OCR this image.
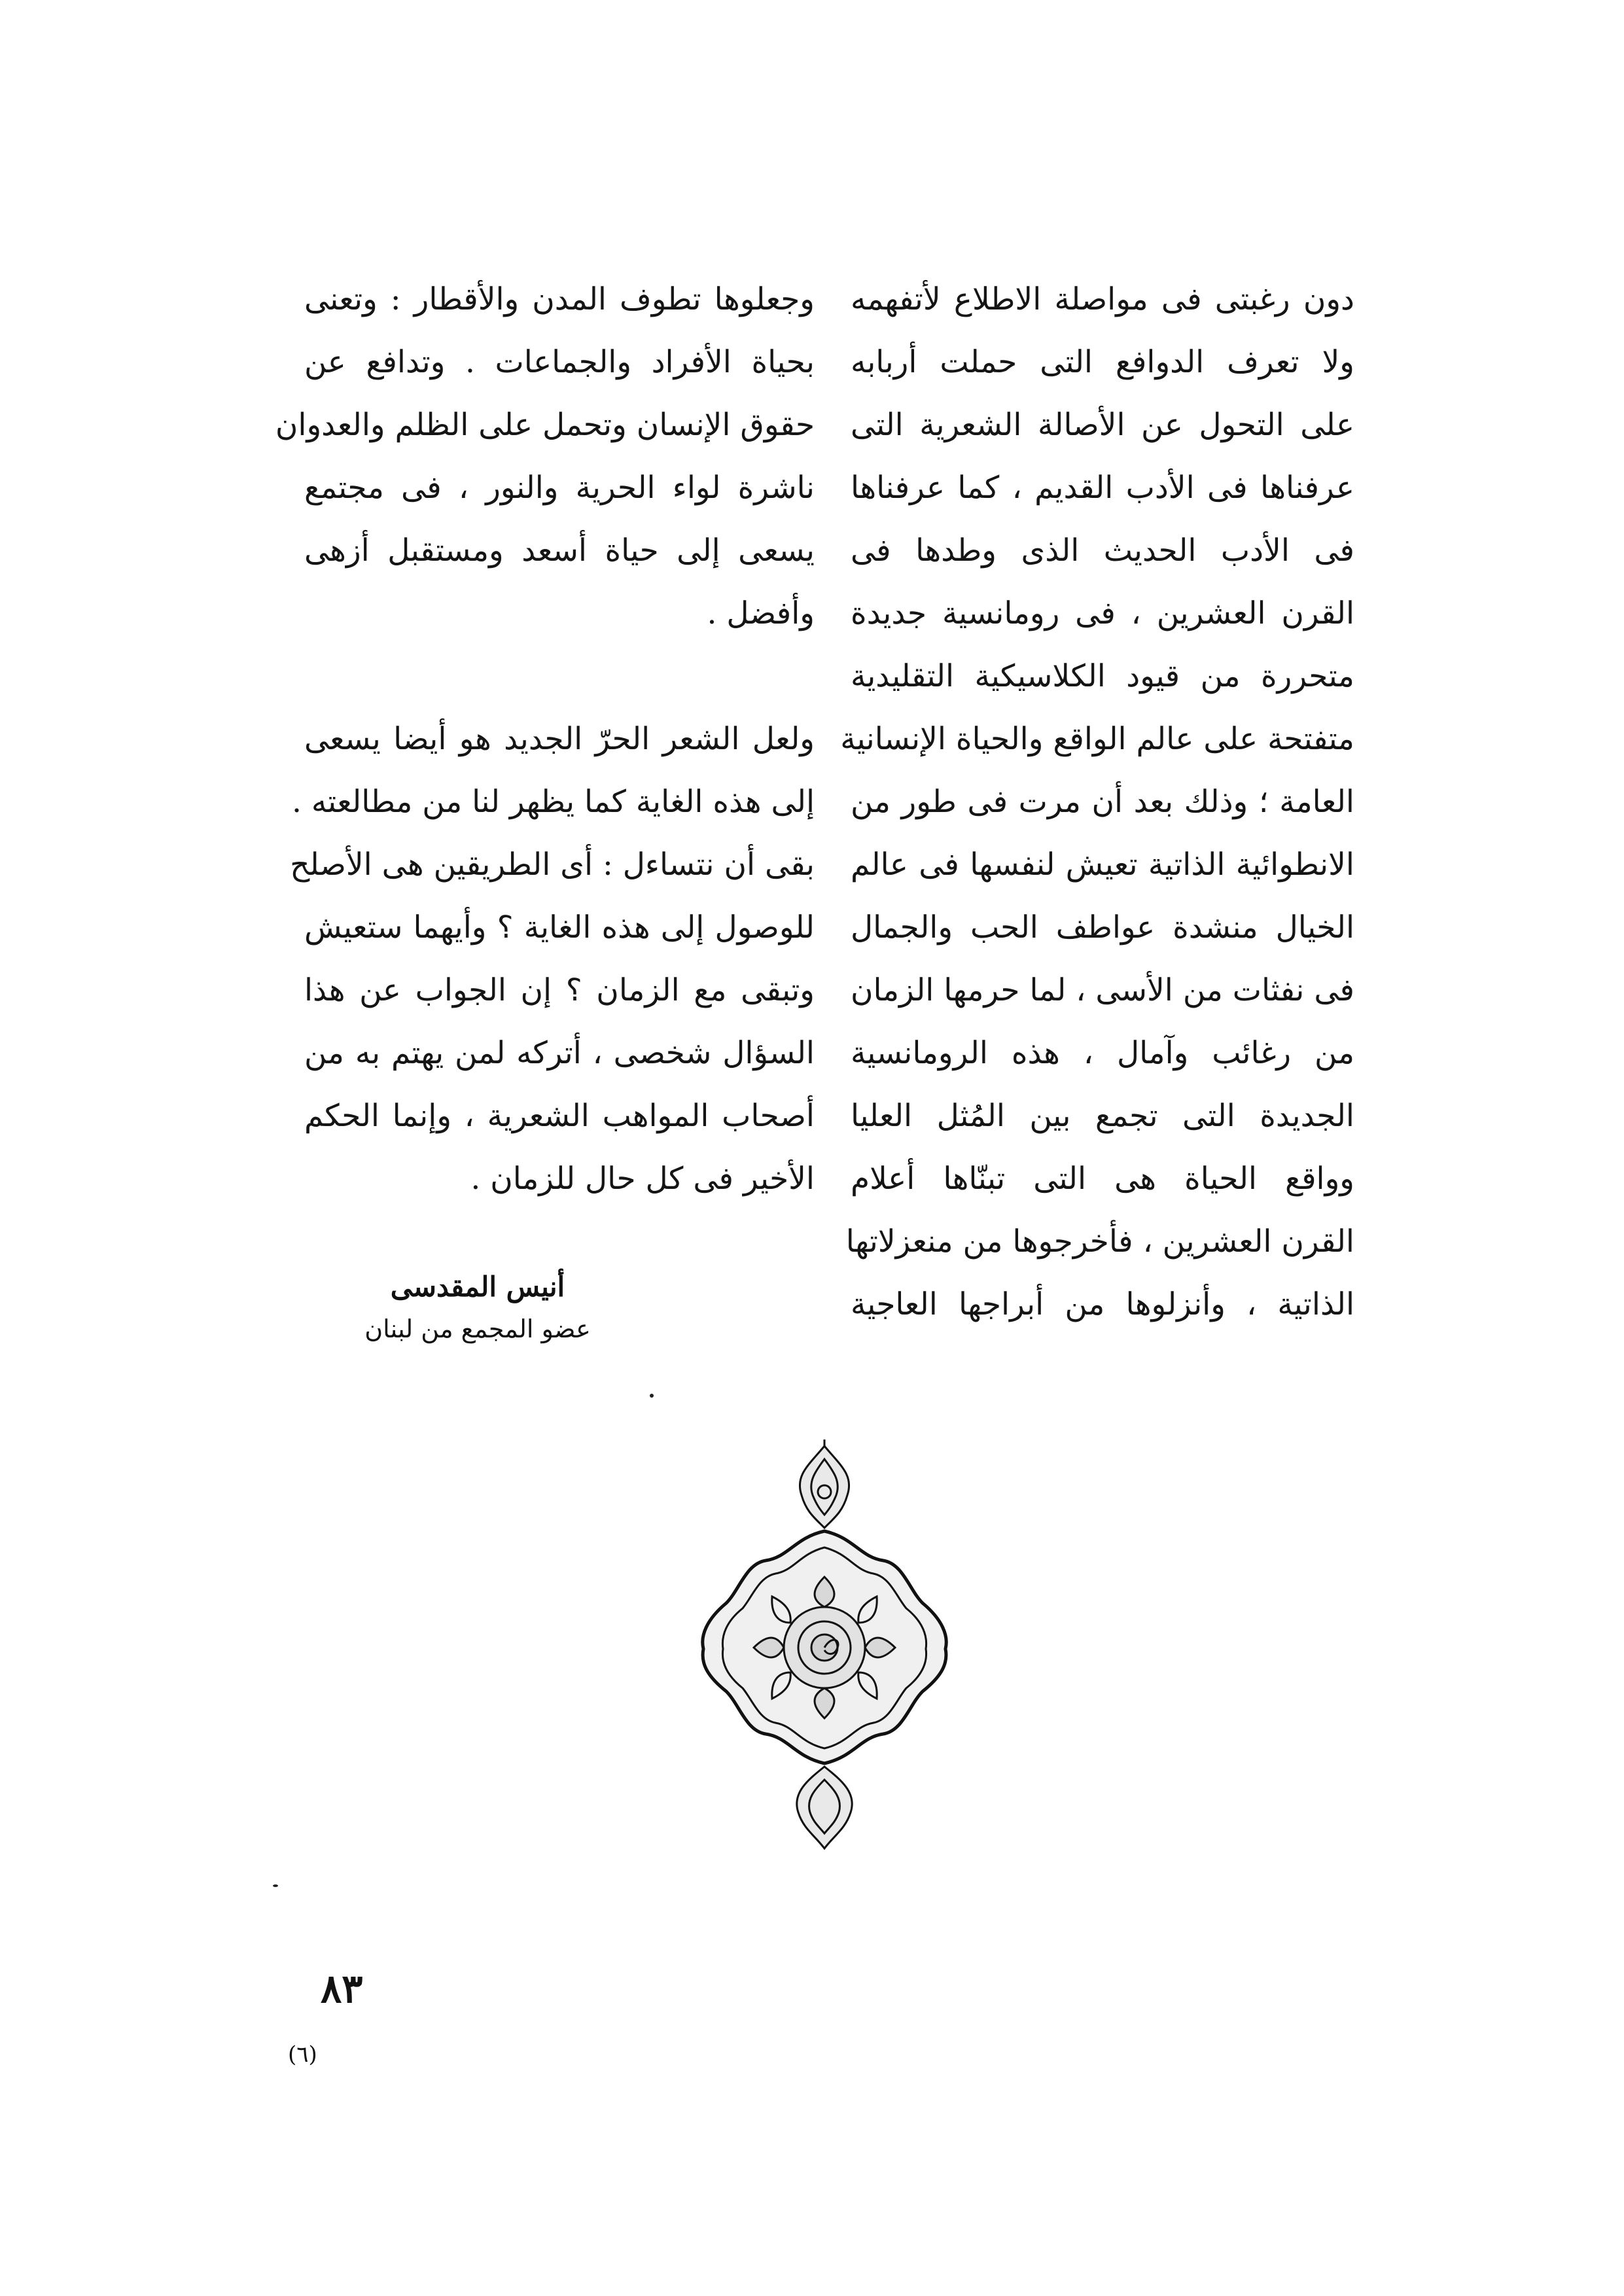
دون رغبتى فى مواصلة الاطلاع لأتفهمه
ولا تعرف الدوافع التى حملت أربابه
على التحول عن الأصالة الشعرية التى
عرفناها فى الأدب القديم ، كما عرفناها
فى الأدب الحديث الذى وطدها فى
القرن العشرين ، فى رومانسية جديدة
متحررة من قيود الكلاسيكية التقليدية
متفتحة على عالم الواقع والحياة الإنسانية
العامة ؛ وذلك بعد أن مرت فى طور من
الانطوائية الذاتية تعيش لنفسها فى عالم
الخيال منشدة عواطف الحب والجمال
فى نفثات من الأسى ، لما حرمها الزمان
من رغائب وآمال ، هذه الرومانسية
الجديدة التى تجمع بين المُثل العليا
وواقع الحياة هى التى تبنّاها أعلام
القرن العشرين ، فأخرجوها من منعزلاتها
الذاتية ، وأنزلوها من أبراجها العاجية
وجعلوها تطوف المدن والأقطار : وتعنى
بحياة الأفراد والجماعات . وتدافع عن
حقوق الإنسان وتحمل على الظلم والعدوان
ناشرة لواء الحرية والنور ، فى مجتمع
يسعى إلى حياة أسعد ومستقبل أزهى
وأفضل .
ولعل الشعر الحرّ الجديد هو أيضا يسعى
إلى هذه الغاية كما يظهر لنا من مطالعته .
بقى أن نتساءل : أى الطريقين هى الأصلح
للوصول إلى هذه الغاية ؟ وأيهما ستعيش
وتبقى مع الزمان ؟ إن الجواب عن هذا
السؤال شخصى ، أتركه لمن يهتم به من
أصحاب المواهب الشعرية ، وإنما الحكم
الأخير فى كل حال للزمان .
أنيس المقدسى
عضو المجمع من لبنان
٨٣
(٦)
